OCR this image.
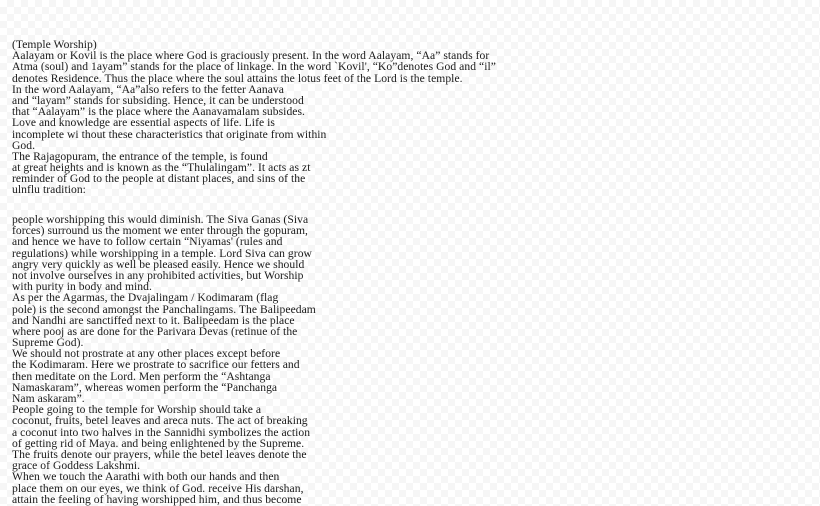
(Temple Worship)
Aalayam or Kovil is the place where God is graciously present. In the word Aalayam, “Aa” stands for
Atma (soul) and 1ayam” stands for the place of linkage. In the word `Kovil', “Ko”denotes God and “il”
denotes Residence. Thus the place where the soul attains the lotus feet of the Lord is the temple.
In the word Aalayam, “Aa”also refers to the fetter Aanava
and “layam” stands for subsiding. Hence, it can be understood
that “Aalayam” is the place where the Aanavamalam subsides.
Love and knowledge are essential aspects of life. Life is
incomplete wi thout these characteristics that originate from within
God.
The Rajagopuram, the entrance of the temple, is found
at great heights and is known as the “Thulalingam”. It acts as zt
reminder of God to the people at distant places, and sins of the
ulnflu tradition:
people worshipping this would diminish. The Siva Ganas (Siva
forces) surround us the moment we enter through the gopuram,
and hence we have to follow certain “Niyamas' (rules and
regulations) while worshipping in a temple. Lord Siva can grow
angry very quickly as well be pleased easily. Hence we should
not involve ourselves in any prohibited activities, but Worship
with purity in body and mind.
As per the Agarmas, the Dvajalingam / Kodimaram (flag
pole) is the second amongst the Panchalingams. The Balipeedam
and Nandhi are sanctiffed next to it. Balipeedam is the place
where pooj as are done for the Parivara Devas (retinue of the
Supreme God).
We should not prostrate at any other places except before
the Kodimaram. Here we prostrate to sacrifice our fetters and
then meditate on the Lord. Men perform the “Ashtanga
Namaskaram”, whereas women perform the “Panchanga
Nam askaram”.
People going to the temple for Worship should take a
coconut, fruits, betel leaves and areca nuts. The act of breaking
a coconut into two halves in the Sannidhi symbolizes the action
of getting rid of Maya. and being enlightened by the Supreme.
The fruits denote our prayers, while the betel leaves denote the
grace of Goddess Lakshmi.
When we touch the Aarathi with both our hands and then
place them on our eyes, we think of God. receive His darshan,
attain the feeling of having worshipped him, and thus become
